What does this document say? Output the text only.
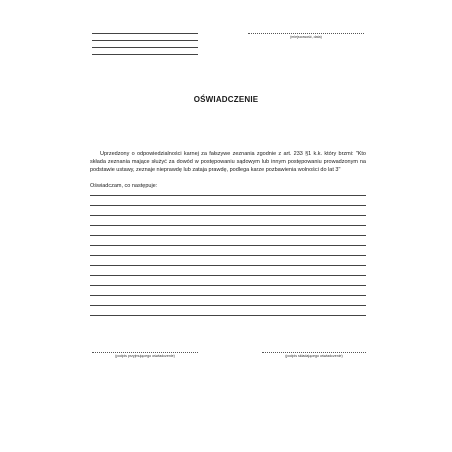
(miejscowość, data)
OŚWIADCZENIE
Uprzedzony o odpowiedzialności karnej za fałszywe zeznania zgodnie z art. 233 §1 k.k. który brzmi: "Kto składa zeznania mające służyć za dowód w postępowaniu sądowym lub innym postępowaniu prowadzonym na podstawie ustawy, zeznaje nieprawdę lub zataja prawdę, podlega karze pozbawienia wolności do lat 3"
Oświadczam, co następuje:
(podpis przyjmującego oświadczenie)	(podpis składającego oświadczenie)
